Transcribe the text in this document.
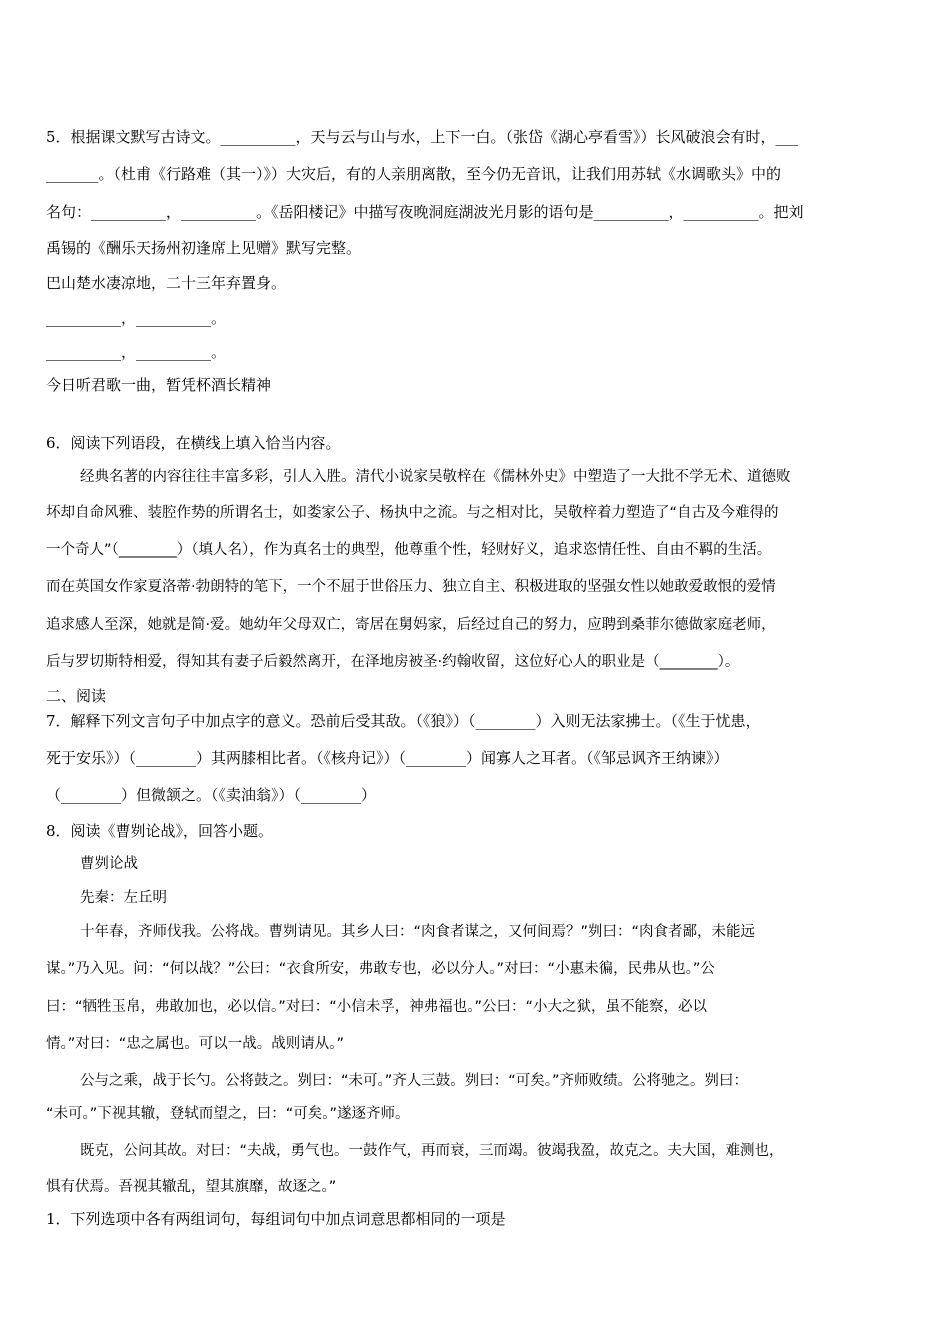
5．根据课文默写古诗文。__________，天与云与山与水，上下一白。（张岱《湖心亭看雪》）长风破浪会有时，___
_______。（杜甫《行路难（其一）》）大灾后，有的人亲朋离散，至今仍无音讯，让我们用苏轼《水调歌头》中的
名句：__________，__________。《岳阳楼记》中描写夜晚洞庭湖波光月影的语句是__________，__________。把刘
禹锡的《酬乐天扬州初逢席上见赠》默写完整。
巴山楚水凄凉地，二十三年弃置身。
__________，__________。
__________，__________。
今日听君歌一曲，暂凭杯酒长精神
6．阅读下列语段，在横线上填入恰当内容。
经典名著的内容往往丰富多彩，引人入胜。清代小说家吴敬梓在《儒林外史》中塑造了一大批不学无术、道德败
坏却自命风雅、装腔作势的所谓名士，如娄家公子、杨执中之流。与之相对比，吴敬梓着力塑造了“自古及今难得的
一个奇人”（________）（填人名），作为真名士的典型，他尊重个性，轻财好义，追求恣情任性、自由不羁的生活。
而在英国女作家夏洛蒂·勃朗特的笔下，一个不屈于世俗压力、独立自主、积极进取的坚强女性以她敢爱敢恨的爱情
追求感人至深，她就是简·爱。她幼年父母双亡，寄居在舅妈家，后经过自己的努力，应聘到桑菲尔德做家庭老师，
后与罗切斯特相爱，得知其有妻子后毅然离开，在泽地房被圣·约翰收留，这位好心人的职业是（________）。
二、阅读
7．解释下列文言句子中加点字的意义。恐前后受其敌。（《狼》）（________）入则无法家拂士。（《生于忧患，
死于安乐》）（________）其两膝相比者。（《核舟记》）（________）闻寡人之耳者。（《邹忌讽齐王纳谏》）
（________）但微颔之。（《卖油翁》）（________）
8．阅读《曹刿论战》，回答小题。
曹刿论战
先秦：左丘明
十年春，齐师伐我。公将战。曹刿请见。其乡人曰：“肉食者谋之，又何间焉？”刿曰：“肉食者鄙，未能远
谋。”乃入见。问：“何以战？”公曰：“衣食所安，弗敢专也，必以分人。”对曰：“小惠未徧，民弗从也。”公
曰：“牺牲玉帛，弗敢加也，必以信。”对曰：“小信未孚，神弗福也。”公曰：“小大之狱，虽不能察，必以
情。”对曰：“忠之属也。可以一战。战则请从。”
公与之乘，战于长勺。公将鼓之。刿曰：“未可。”齐人三鼓。刿曰：“可矣。”齐师败绩。公将驰之。刿曰：
“未可。”下视其辙，登轼而望之，曰：“可矣。”遂逐齐师。
既克，公问其故。对曰：“夫战，勇气也。一鼓作气，再而衰，三而竭。彼竭我盈，故克之。夫大国，难测也，
惧有伏焉。吾视其辙乱，望其旗靡，故逐之。”
1．下列选项中各有两组词句，每组词句中加点词意思都相同的一项是
